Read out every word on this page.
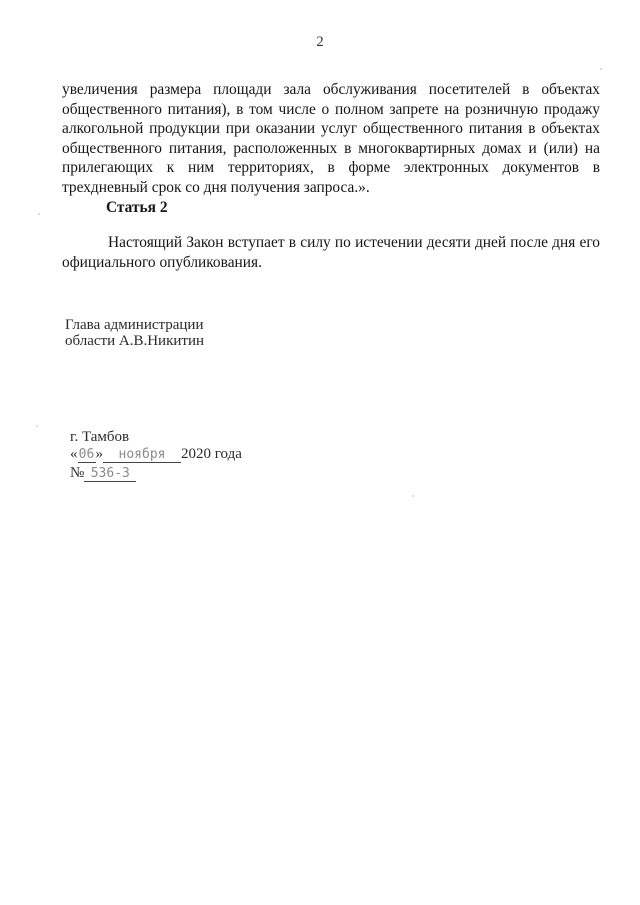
2
увеличения размера площади зала обслуживания посетителей в объектах общественного питания), в том числе о полном запрете на розничную продажу алкогольной продукции при оказании услуг общественного питания в объектах общественного питания, расположенных в многоквартирных домах и (или) на прилегающих к ним территориях, в форме электронных документов в трехдневный срок со дня получения запроса.».
Статья 2
Настоящий Закон вступает в силу по истечении десяти дней после дня его официального опубликования.
Глава администрации
области А.В.Никитин
г. Тамбов
«06» ноября 2020 года
№ 536-З
